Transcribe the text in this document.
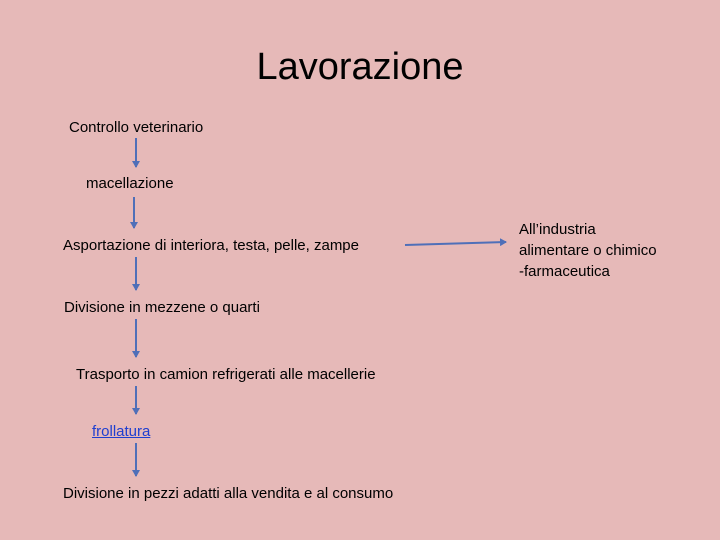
Lavorazione
Controllo veterinario
macellazione
Asportazione di interiora, testa, pelle, zampe
Divisione in mezzene o quarti
Trasporto in camion refrigerati alle macellerie
frollatura
Divisione in pezzi adatti alla vendita e al consumo
All’industria
alimentare o chimico
-farmaceutica
